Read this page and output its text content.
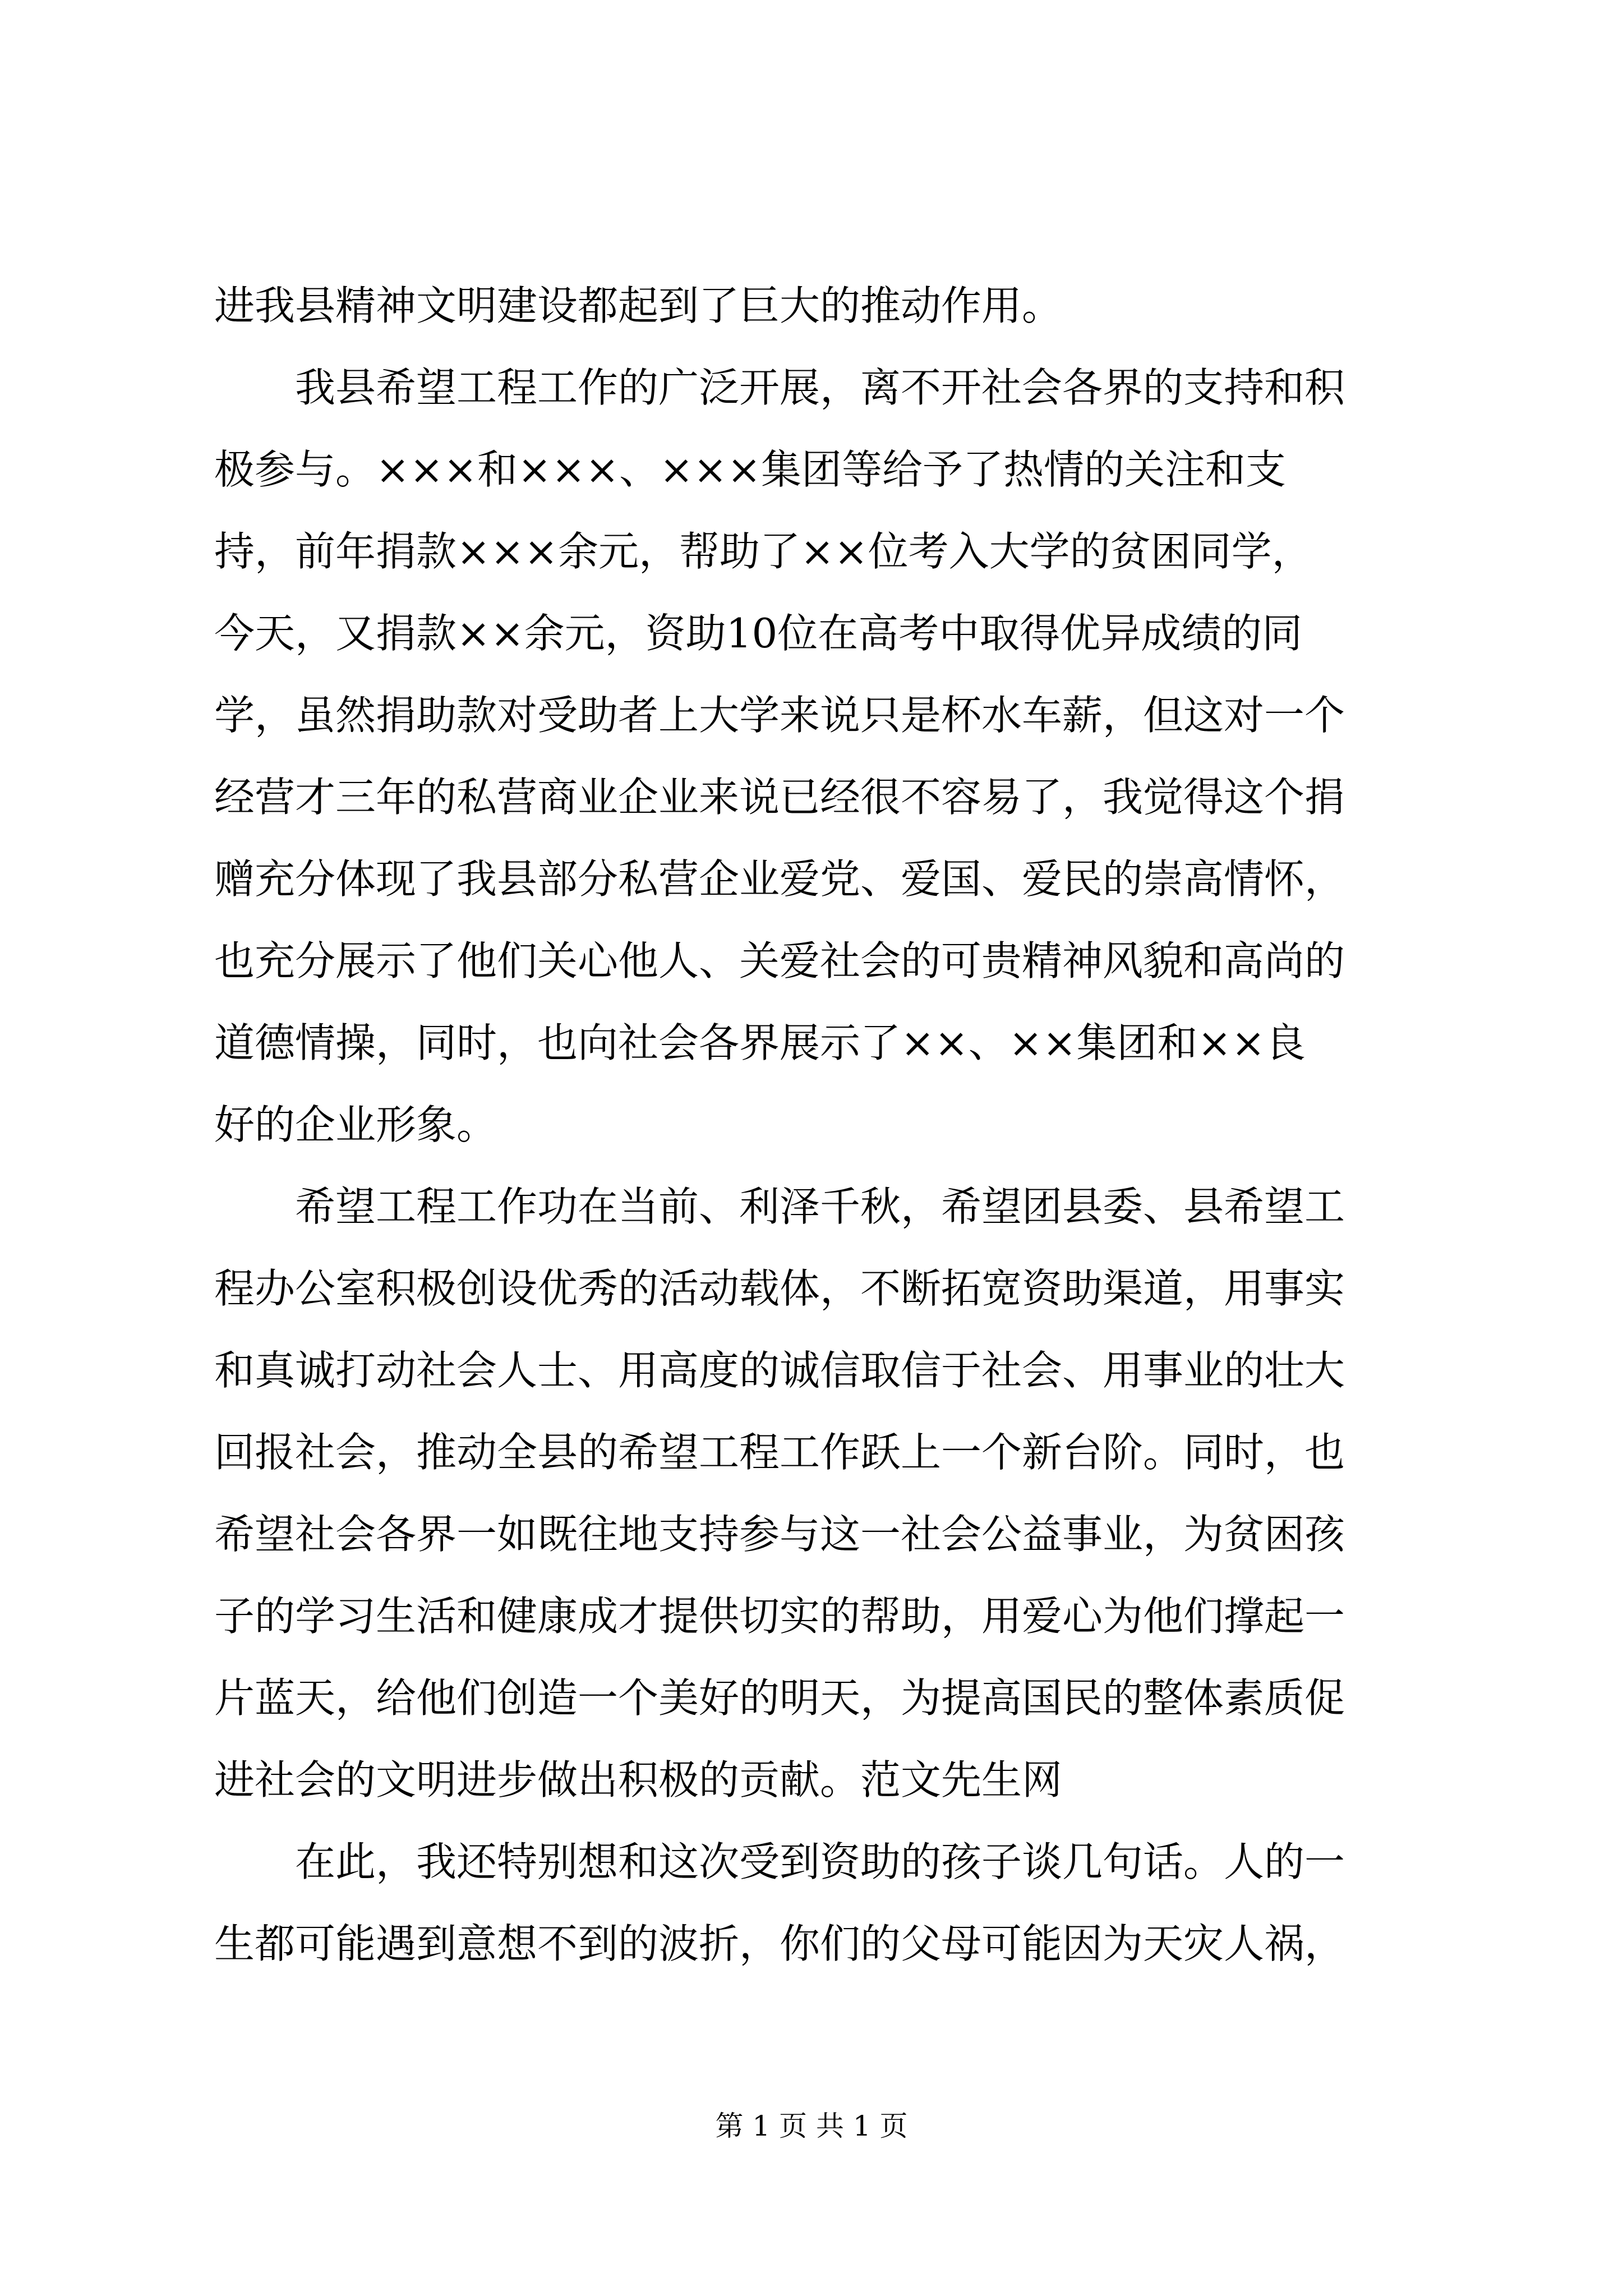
进我县精神文明建设都起到了巨大的推动作用。
　　我县希望工程工作的广泛开展，离不开社会各界的支持和积
极参与。×××和×××、×××集团等给予了热情的关注和支
持，前年捐款×××余元，帮助了××位考入大学的贫困同学，
今天，又捐款××余元，资助10位在高考中取得优异成绩的同
学，虽然捐助款对受助者上大学来说只是杯水车薪，但这对一个
经营才三年的私营商业企业来说已经很不容易了，我觉得这个捐
赠充分体现了我县部分私营企业爱党、爱国、爱民的崇高情怀，
也充分展示了他们关心他人、关爱社会的可贵精神风貌和高尚的
道德情操，同时，也向社会各界展示了××、××集团和××良
好的企业形象。
　　希望工程工作功在当前、利泽千秋，希望团县委、县希望工
程办公室积极创设优秀的活动载体，不断拓宽资助渠道，用事实
和真诚打动社会人士、用高度的诚信取信于社会、用事业的壮大
回报社会，推动全县的希望工程工作跃上一个新台阶。同时，也
希望社会各界一如既往地支持参与这一社会公益事业，为贫困孩
子的学习生活和健康成才提供切实的帮助，用爱心为他们撑起一
片蓝天，给他们创造一个美好的明天，为提高国民的整体素质促
进社会的文明进步做出积极的贡献。范文先生网
　　在此，我还特别想和这次受到资助的孩子谈几句话。人的一
生都可能遇到意想不到的波折，你们的父母可能因为天灾人祸，
第 1 页 共 1 页
